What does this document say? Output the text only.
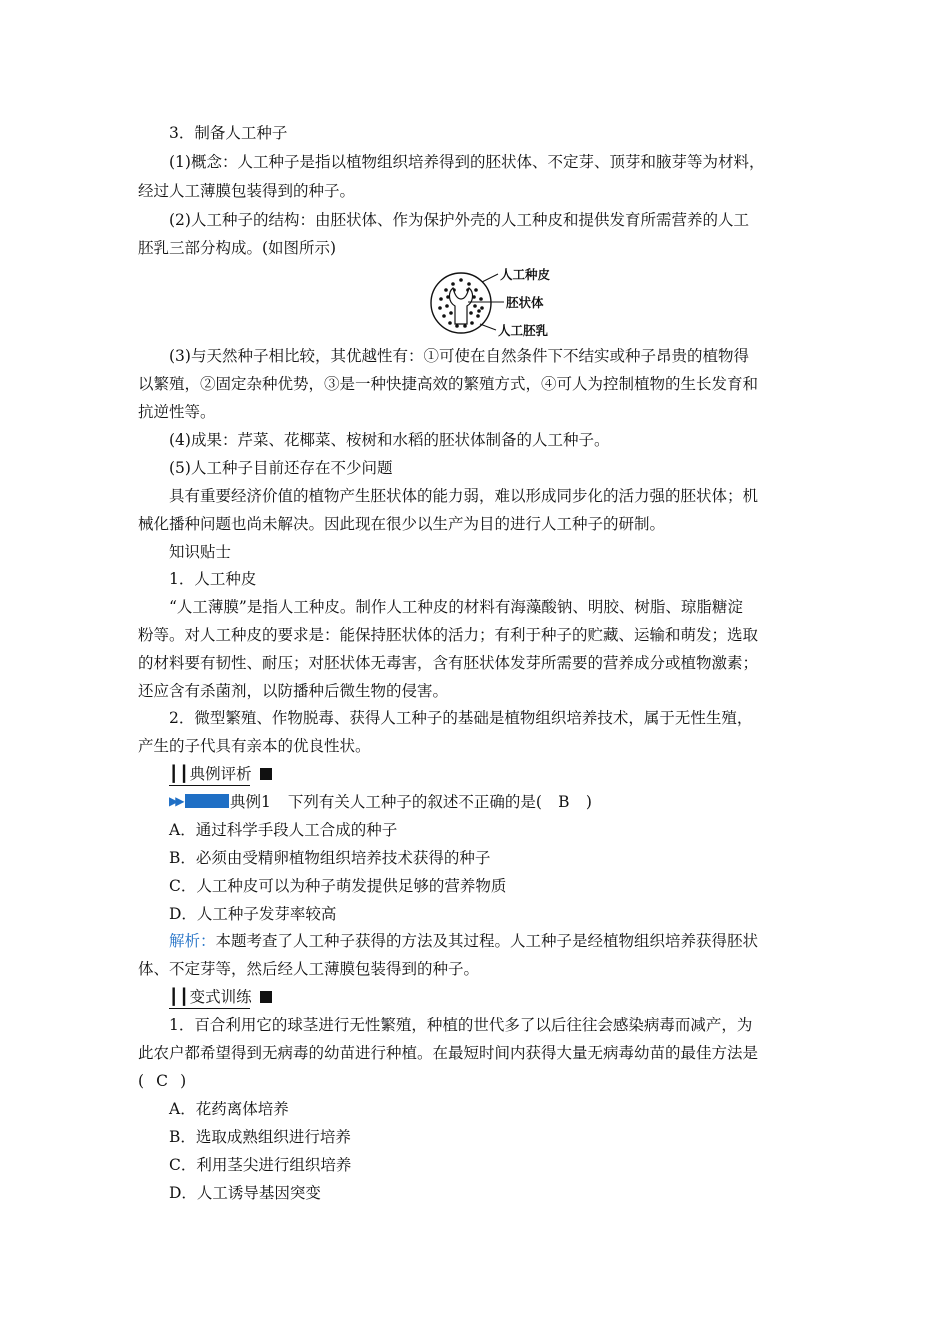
3．制备人工种子
(1)概念：人工种子是指以植物组织培养得到的胚状体、不定芽、顶芽和腋芽等为材料，
经过人工薄膜包装得到的种子。
(2)人工种子的结构：由胚状体、作为保护外壳的人工种皮和提供发育所需营养的人工
胚乳三部分构成。(如图所示)
人工种皮
胚状体
人工胚乳
(3)与天然种子相比较，其优越性有：①可使在自然条件下不结实或种子昂贵的植物得
以繁殖，②固定杂种优势，③是一种快捷高效的繁殖方式，④可人为控制植物的生长发育和
抗逆性等。
(4)成果：芹菜、花椰菜、桉树和水稻的胚状体制备的人工种子。
(5)人工种子目前还存在不少问题
具有重要经济价值的植物产生胚状体的能力弱，难以形成同步化的活力强的胚状体；机
械化播种问题也尚未解决。因此现在很少以生产为目的进行人工种子的研制。
知识贴士
1．人工种皮
“人工薄膜”是指人工种皮。制作人工种皮的材料有海藻酸钠、明胶、树脂、琼脂糖淀
粉等。对人工种皮的要求是：能保持胚状体的活力；有利于种子的贮藏、运输和萌发；选取
的材料要有韧性、耐压；对胚状体无毒害，含有胚状体发芽所需要的营养成分或植物激素；
还应含有杀菌剂，以防播种后微生物的侵害。
2．微型繁殖、作物脱毒、获得人工种子的基础是植物组织培养技术，属于无性生殖，
产生的子代具有亲本的优良性状。
┃┃典例评析
▶▶	典例1 下列有关人工种子的叙述不正确的是( B )
A．通过科学手段人工合成的种子
B．必须由受精卵植物组织培养技术获得的种子
C．人工种皮可以为种子萌发提供足够的营养物质
D．人工种子发芽率较高
解析：本题考查了人工种子获得的方法及其过程。人工种子是经植物组织培养获得胚状
体、不定芽等，然后经人工薄膜包装得到的种子。
┃┃变式训练
1．百合利用它的球茎进行无性繁殖，种植的世代多了以后往往会感染病毒而减产，为
此农户都希望得到无病毒的幼苗进行种植。在最短时间内获得大量无病毒幼苗的最佳方法是
( C )
A．花药离体培养
B．选取成熟组织进行培养
C．利用茎尖进行组织培养
D．人工诱导基因突变
